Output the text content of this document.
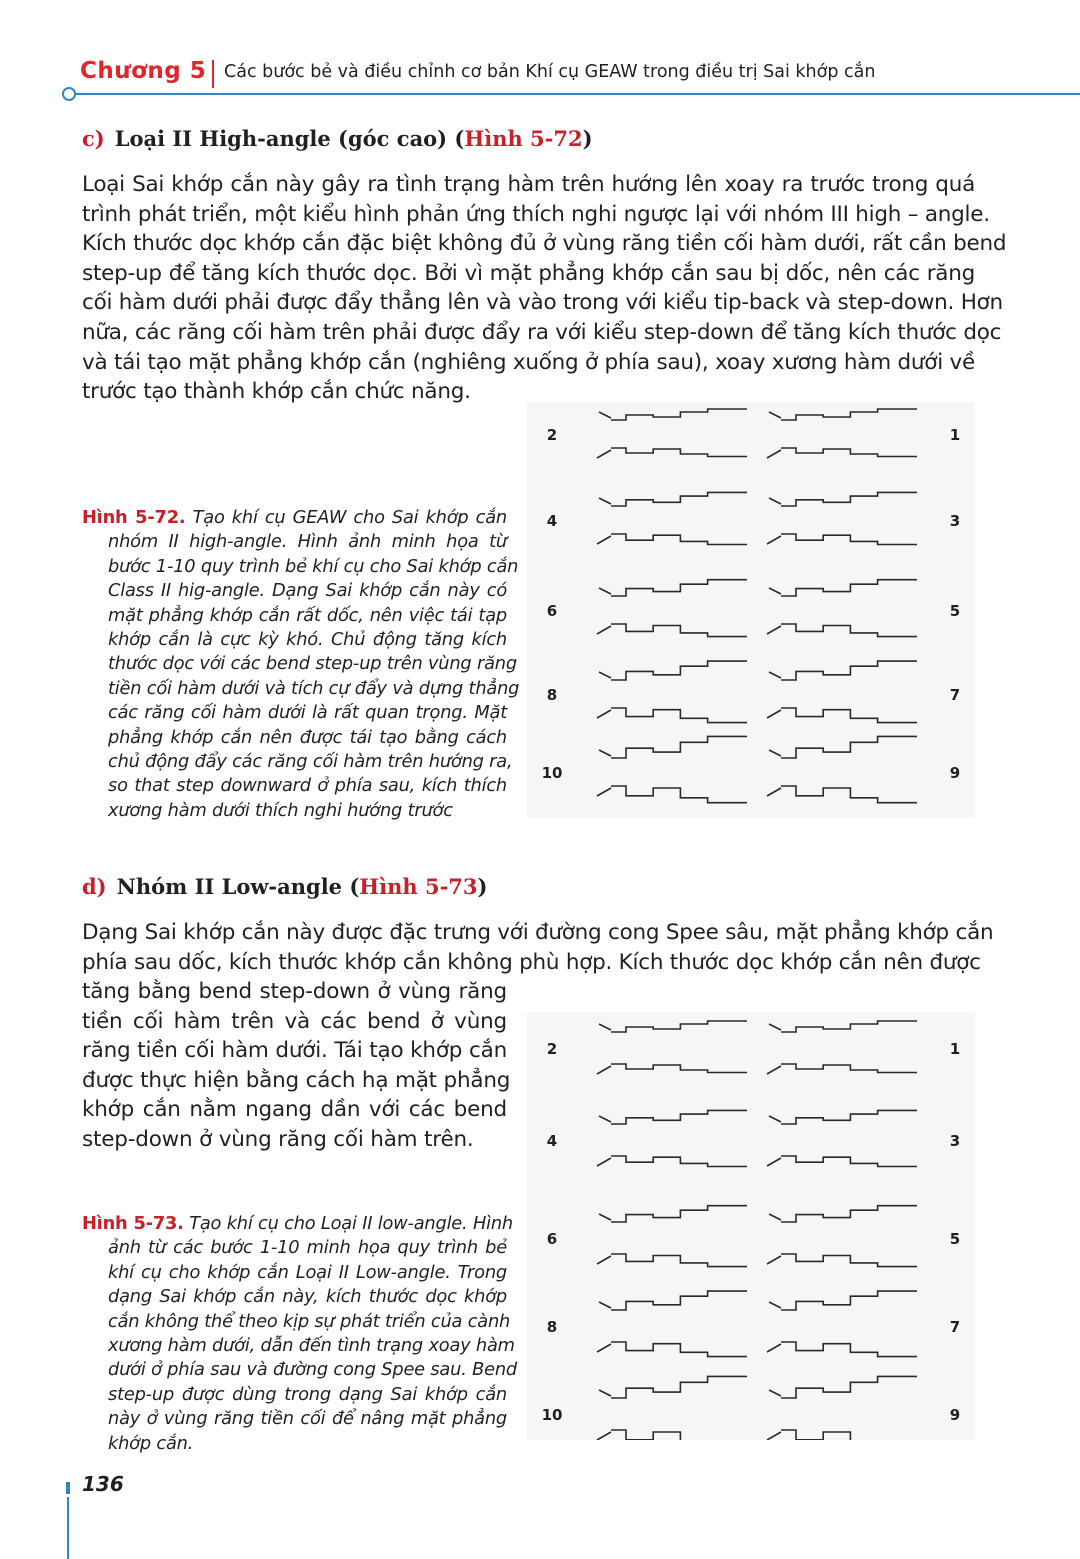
Chương 5 Các bước bẻ và điều chỉnh cơ bản Khí cụ GEAW trong điều trị Sai khớp cắn
c) Loại II High-angle (góc cao) (Hình 5-72)
Loại Sai khớp cắn này gây ra tình trạng hàm trên hướng lên xoay ra trước trong quá
trình phát triển, một kiểu hình phản ứng thích nghi ngược lại với nhóm III high – angle.
Kích thước dọc khớp cắn đặc biệt không đủ ở vùng răng tiền cối hàm dưới, rất cần bend
step-up để tăng kích thước dọc. Bởi vì mặt phẳng khớp cắn sau bị dốc, nên các răng
cối hàm dưới phải được đẩy thẳng lên và vào trong với kiểu tip-back và step-down. Hơn
nữa, các răng cối hàm trên phải được đẩy ra với kiểu step-down để tăng kích thước dọc
và tái tạo mặt phẳng khớp cắn (nghiêng xuống ở phía sau), xoay xương hàm dưới về
trước tạo thành khớp cắn chức năng.
Hình 5-72. Tạo khí cụ GEAW cho Sai khớp cắn
nhóm II high-angle. Hình ảnh minh họa từ
bước 1-10 quy trình bẻ khí cụ cho Sai khớp cắn
Class II hig-angle. Dạng Sai khớp cắn này có
mặt phẳng khớp cắn rất dốc, nên việc tái tạp
khớp cắn là cực kỳ khó. Chủ động tăng kích
thước dọc với các bend step-up trên vùng răng
tiền cối hàm dưới và tích cự đẩy và dựng thẳng
các răng cối hàm dưới là rất quan trọng. Mặt
phẳng khớp cắn nên được tái tạo bằng cách
chủ động đẩy các răng cối hàm trên hướng ra,
so that step downward ở phía sau, kích thích
xương hàm dưới thích nghi hướng trước
2	1
4	3
6	5
8	7
10	9
d) Nhóm II Low-angle (Hình 5-73)
Dạng Sai khớp cắn này được đặc trưng với đường cong Spee sâu, mặt phẳng khớp cắn
phía sau dốc, kích thước khớp cắn không phù hợp. Kích thước dọc khớp cắn nên được
tăng bằng bend step-down ở vùng răng
tiền cối hàm trên và các bend ở vùng
răng tiền cối hàm dưới. Tái tạo khớp cắn
được thực hiện bằng cách hạ mặt phẳng
khớp cắn nằm ngang dần với các bend
step-down ở vùng răng cối hàm trên.
Hình 5-73. Tạo khí cụ cho Loại II low-angle. Hình
ảnh từ các bước 1-10 minh họa quy trình bẻ
khí cụ cho khớp cắn Loại II Low-angle. Trong
dạng Sai khớp cắn này, kích thước dọc khớp
cắn không thể theo kịp sự phát triển của cành
xương hàm dưới, dẫn đến tình trạng xoay hàm
dưới ở phía sau và đường cong Spee sau. Bend
step-up được dùng trong dạng Sai khớp cắn
này ở vùng răng tiền cối để nâng mặt phẳng
khớp cắn.
2	1
4	3
6	5
8	7
10	9
136
